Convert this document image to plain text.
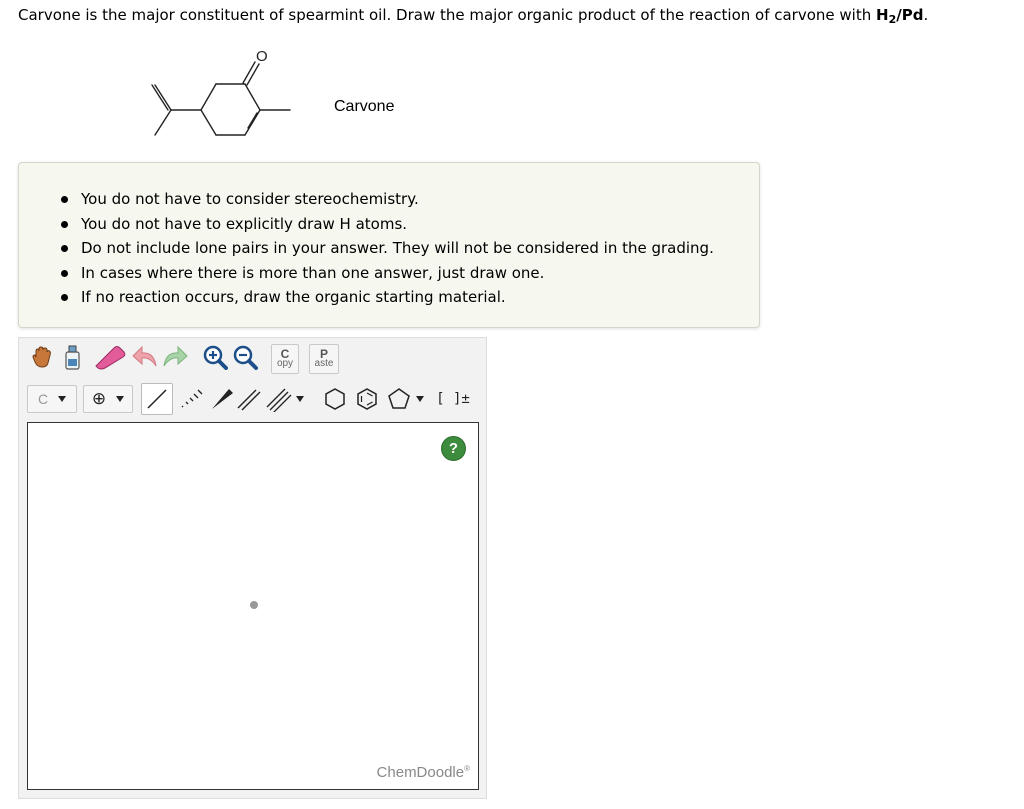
Carvone is the major constituent of spearmint oil. Draw the major organic product of the reaction of carvone with $H_2/Pd$.
O
Carvone
You do not have to consider stereochemistry.
You do not have to explicitly draw H atoms.
Do not include lone pairs in your answer. They will not be considered in the grading.
In cases where there is more than one answer, just draw one.
If no reaction occurs, draw the organic starting material.
C
opy
P
aste
C	⊕	[ ]±
?
ChemDoodle®
